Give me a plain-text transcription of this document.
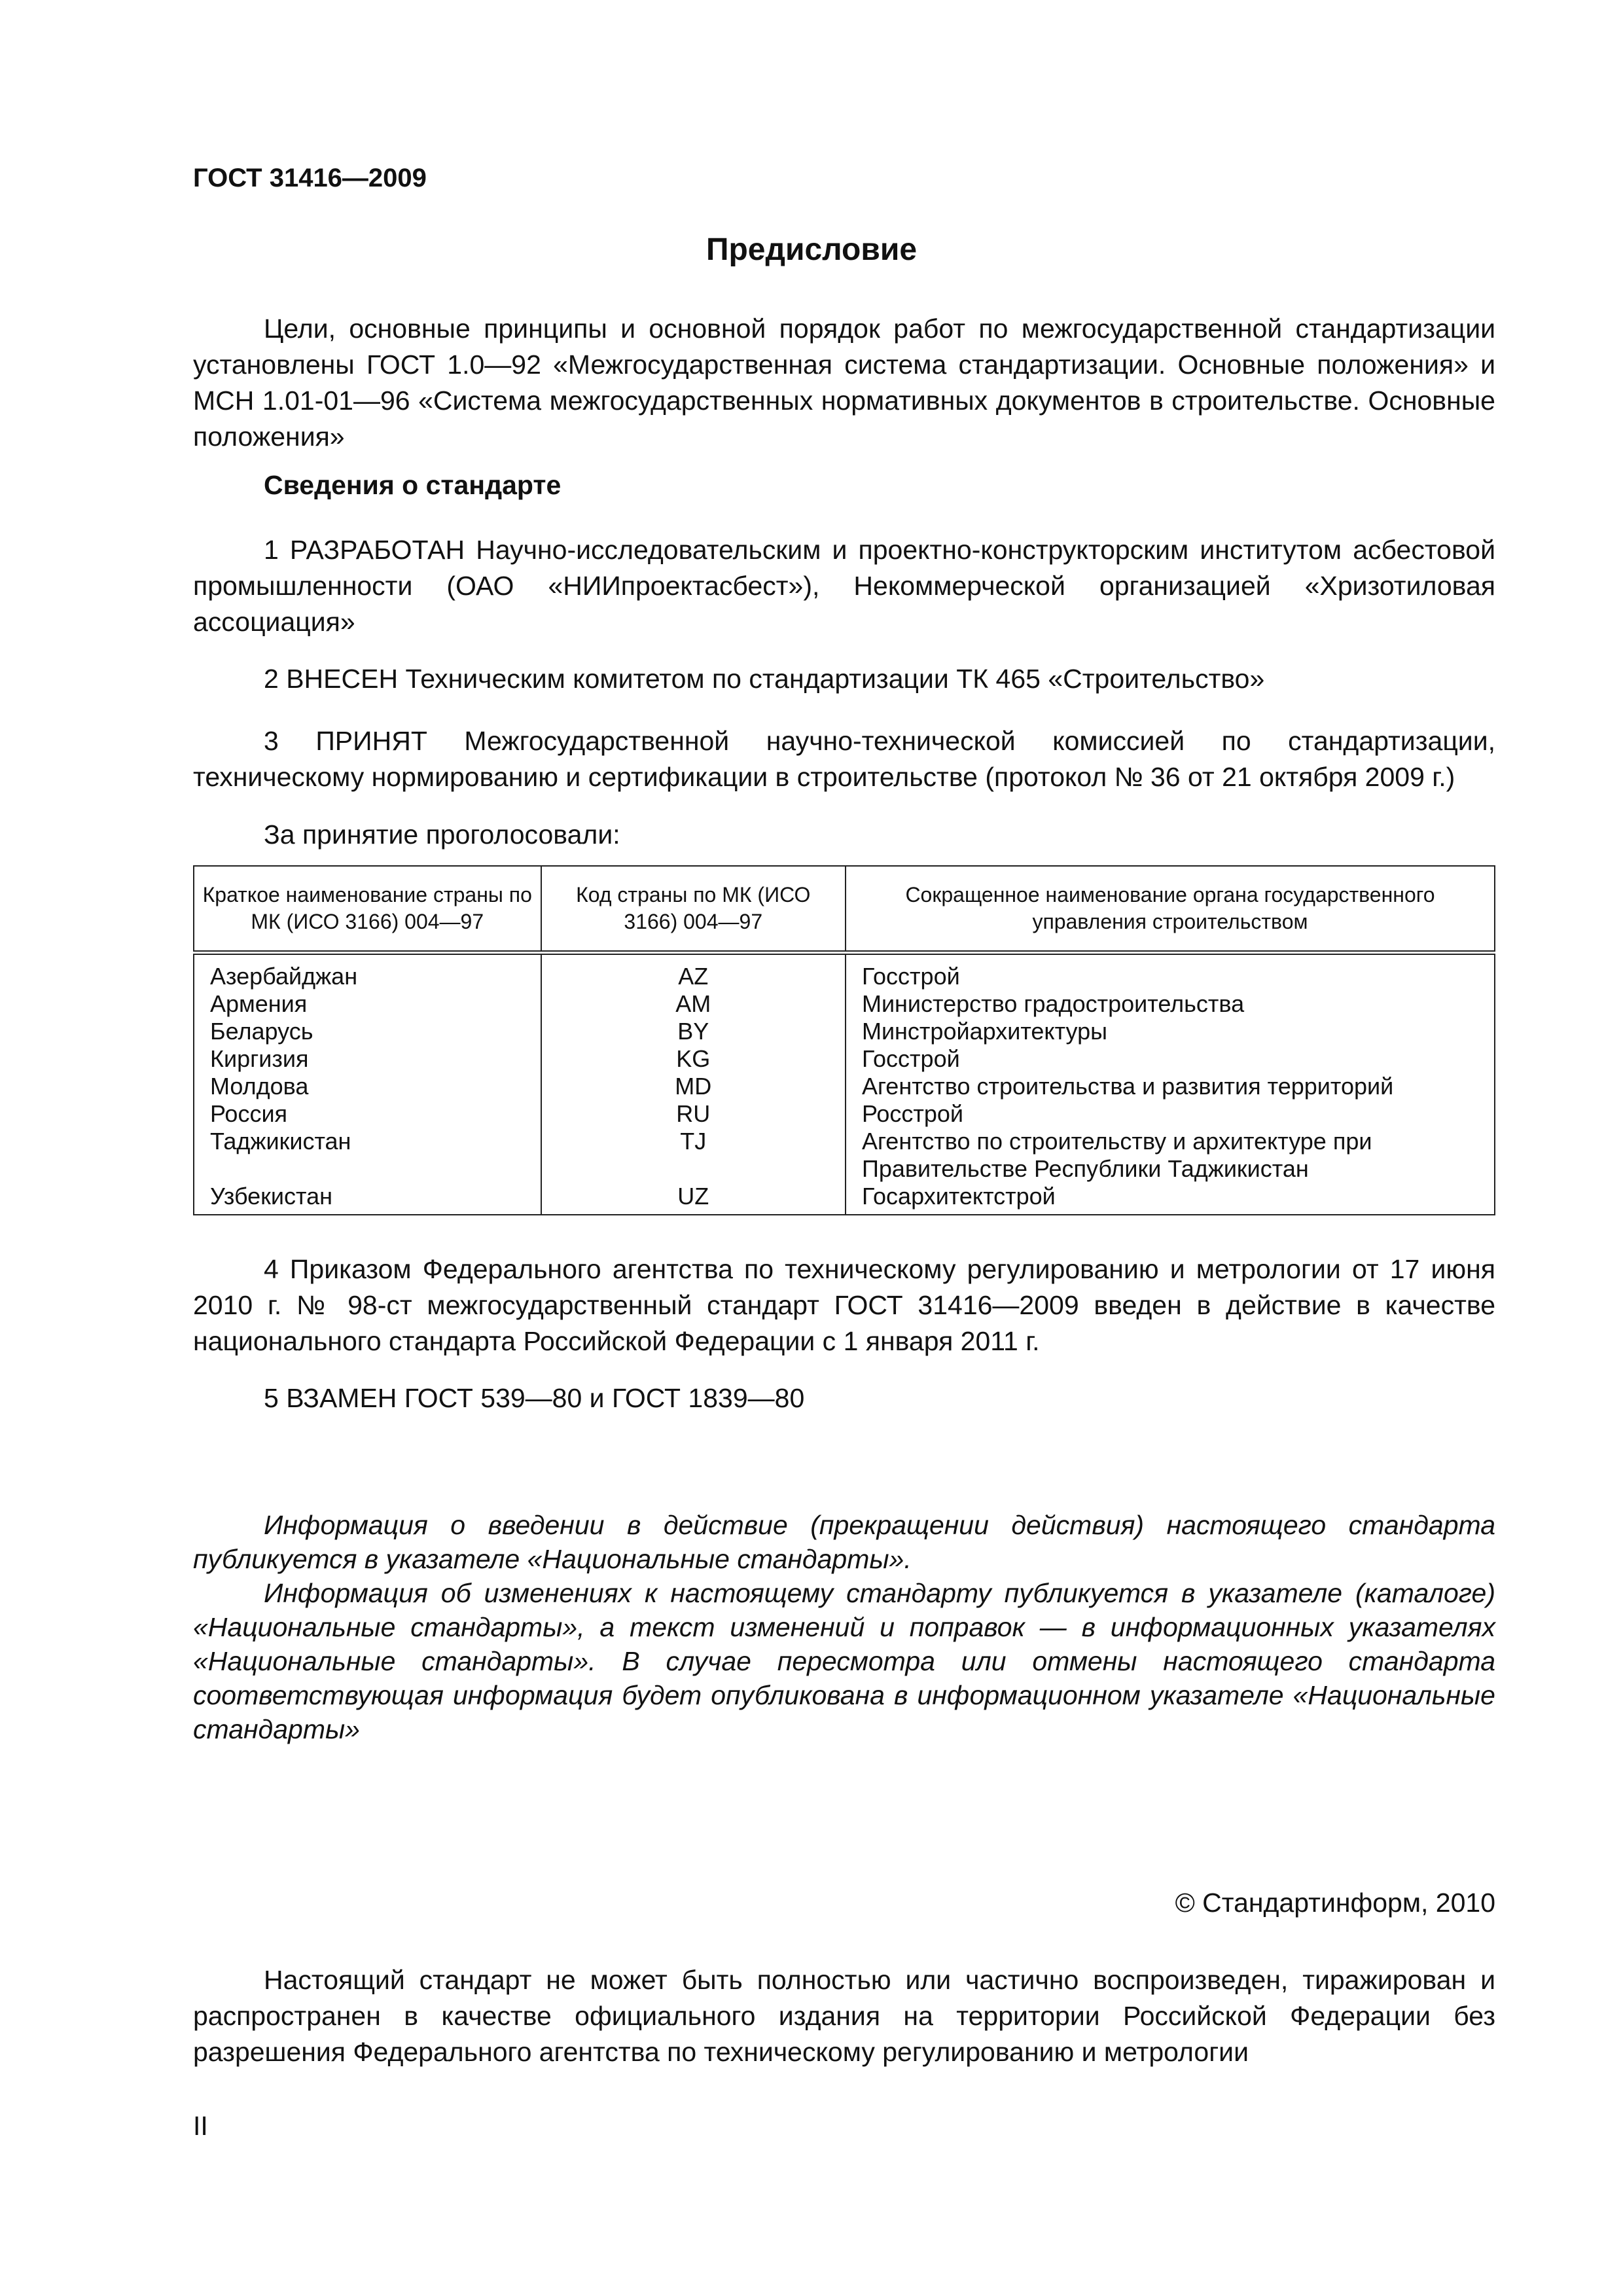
ГОСТ 31416—2009
Предисловие
Цели, основные принципы и основной порядок работ по межгосударственной стандартизации установлены ГОСТ 1.0—92 «Межгосударственная система стандартизации. Основные положения» и МСН 1.01-01—96 «Система межгосударственных нормативных документов в строительстве. Основные положения»
Сведения о стандарте
1 РАЗРАБОТАН Научно-исследовательским и проектно-конструкторским институтом асбестовой промышленности (ОАО «НИИпроектасбест»), Некоммерческой организацией «Хризотиловая ассоциация»
2 ВНЕСЕН Техническим комитетом по стандартизации ТК 465 «Строительство»
3 ПРИНЯТ Межгосударственной научно-технической комиссией по стандартизации, техническому нормированию и сертификации в строительстве (протокол № 36 от 21 октября 2009 г.)
За принятие проголосовали:
Краткое наименование страны по МК (ИСО 3166) 004—97	Код страны по МК (ИСО 3166) 004—97	Сокращенное наименование органа государственного управления строительством
Азербайджан	AZ	Госстрой
Армения	AM	Министерство градостроительства
Беларусь	BY	Минстройархитектуры
Киргизия	KG	Госстрой
Молдова	MD	Агентство строительства и развития территорий
Россия	RU	Росстрой
Таджикистан	TJ	Агентство по строительству и архитектуре при Правительстве Республики Таджикистан
Узбекистан	UZ	Госархитектстрой
4 Приказом Федерального агентства по техническому регулированию и метрологии от 17 июня 2010 г. № 98-ст межгосударственный стандарт ГОСТ 31416—2009 введен в действие в качестве национального стандарта Российской Федерации с 1 января 2011 г.
5 ВЗАМЕН ГОСТ 539—80 и ГОСТ 1839—80
Информация о введении в действие (прекращении действия) настоящего стандарта публикуется в указателе «Национальные стандарты».
Информация об изменениях к настоящему стандарту публикуется в указателе (каталоге) «Национальные стандарты», а текст изменений и поправок — в информационных указателях «Национальные стандарты». В случае пересмотра или отмены настоящего стандарта соответствующая информация будет опубликована в информационном указателе «Национальные стандарты»
© Стандартинформ, 2010
Настоящий стандарт не может быть полностью или частично воспроизведен, тиражирован и распространен в качестве официального издания на территории Российской Федерации без разрешения Федерального агентства по техническому регулированию и метрологии
II
